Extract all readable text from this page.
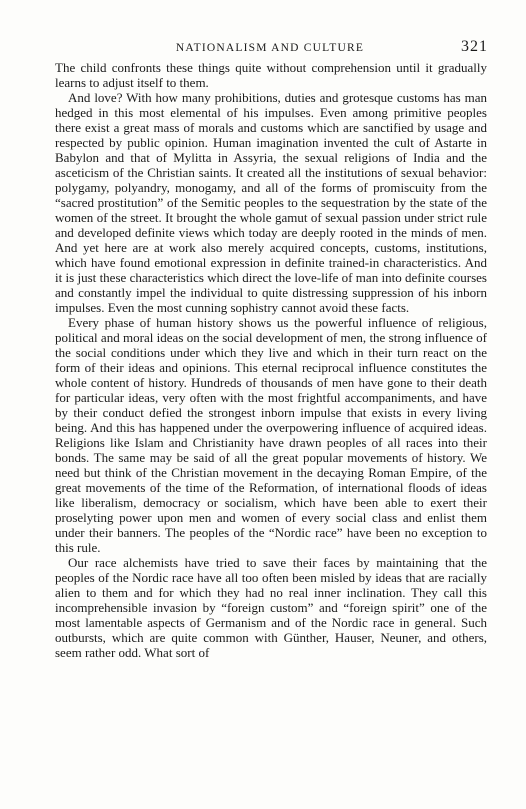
NATIONALISM AND CULTURE	321

The child confronts these things quite without comprehension until it gradually learns to adjust itself to them.

And love? With how many prohibitions, duties and grotesque customs has man hedged in this most elemental of his impulses. Even among primitive peoples there exist a great mass of morals and customs which are sanctified by usage and respected by public opinion. Human imagination invented the cult of Astarte in Babylon and that of Mylitta in Assyria, the sexual religions of India and the asceticism of the Christian saints. It created all the institutions of sexual behavior: polygamy, polyandry, monogamy, and all of the forms of promiscuity from the “sacred prostitution” of the Semitic peoples to the sequestration by the state of the women of the street. It brought the whole gamut of sexual passion under strict rule and developed definite views which today are deeply rooted in the minds of men. And yet here are at work also merely acquired concepts, customs, institutions, which have found emotional expression in definite trained-in characteristics. And it is just these characteristics which direct the love-life of man into definite courses and constantly impel the individual to quite distressing suppression of his inborn impulses. Even the most cunning sophistry cannot avoid these facts.

Every phase of human history shows us the powerful influence of religious, political and moral ideas on the social development of men, the strong influence of the social conditions under which they live and which in their turn react on the form of their ideas and opinions. This eternal reciprocal influence constitutes the whole content of history. Hundreds of thousands of men have gone to their death for particular ideas, very often with the most frightful accompaniments, and have by their conduct defied the strongest inborn impulse that exists in every living being. And this has happened under the overpowering influence of acquired ideas. Religions like Islam and Christianity have drawn peoples of all races into their bonds. The same may be said of all the great popular movements of history. We need but think of the Christian movement in the decaying Roman Empire, of the great movements of the time of the Reformation, of international floods of ideas like liberalism, democracy or socialism, which have been able to exert their proselyting power upon men and women of every social class and enlist them under their banners. The peoples of the “Nordic race” have been no exception to this rule.

Our race alchemists have tried to save their faces by maintaining that the peoples of the Nordic race have all too often been misled by ideas that are racially alien to them and for which they had no real inner inclination. They call this incomprehensible invasion by “foreign custom” and “foreign spirit” one of the most lamentable aspects of Germanism and of the Nordic race in general. Such outbursts, which are quite common with Günther, Hauser, Neuner, and others, seem rather odd. What sort of
